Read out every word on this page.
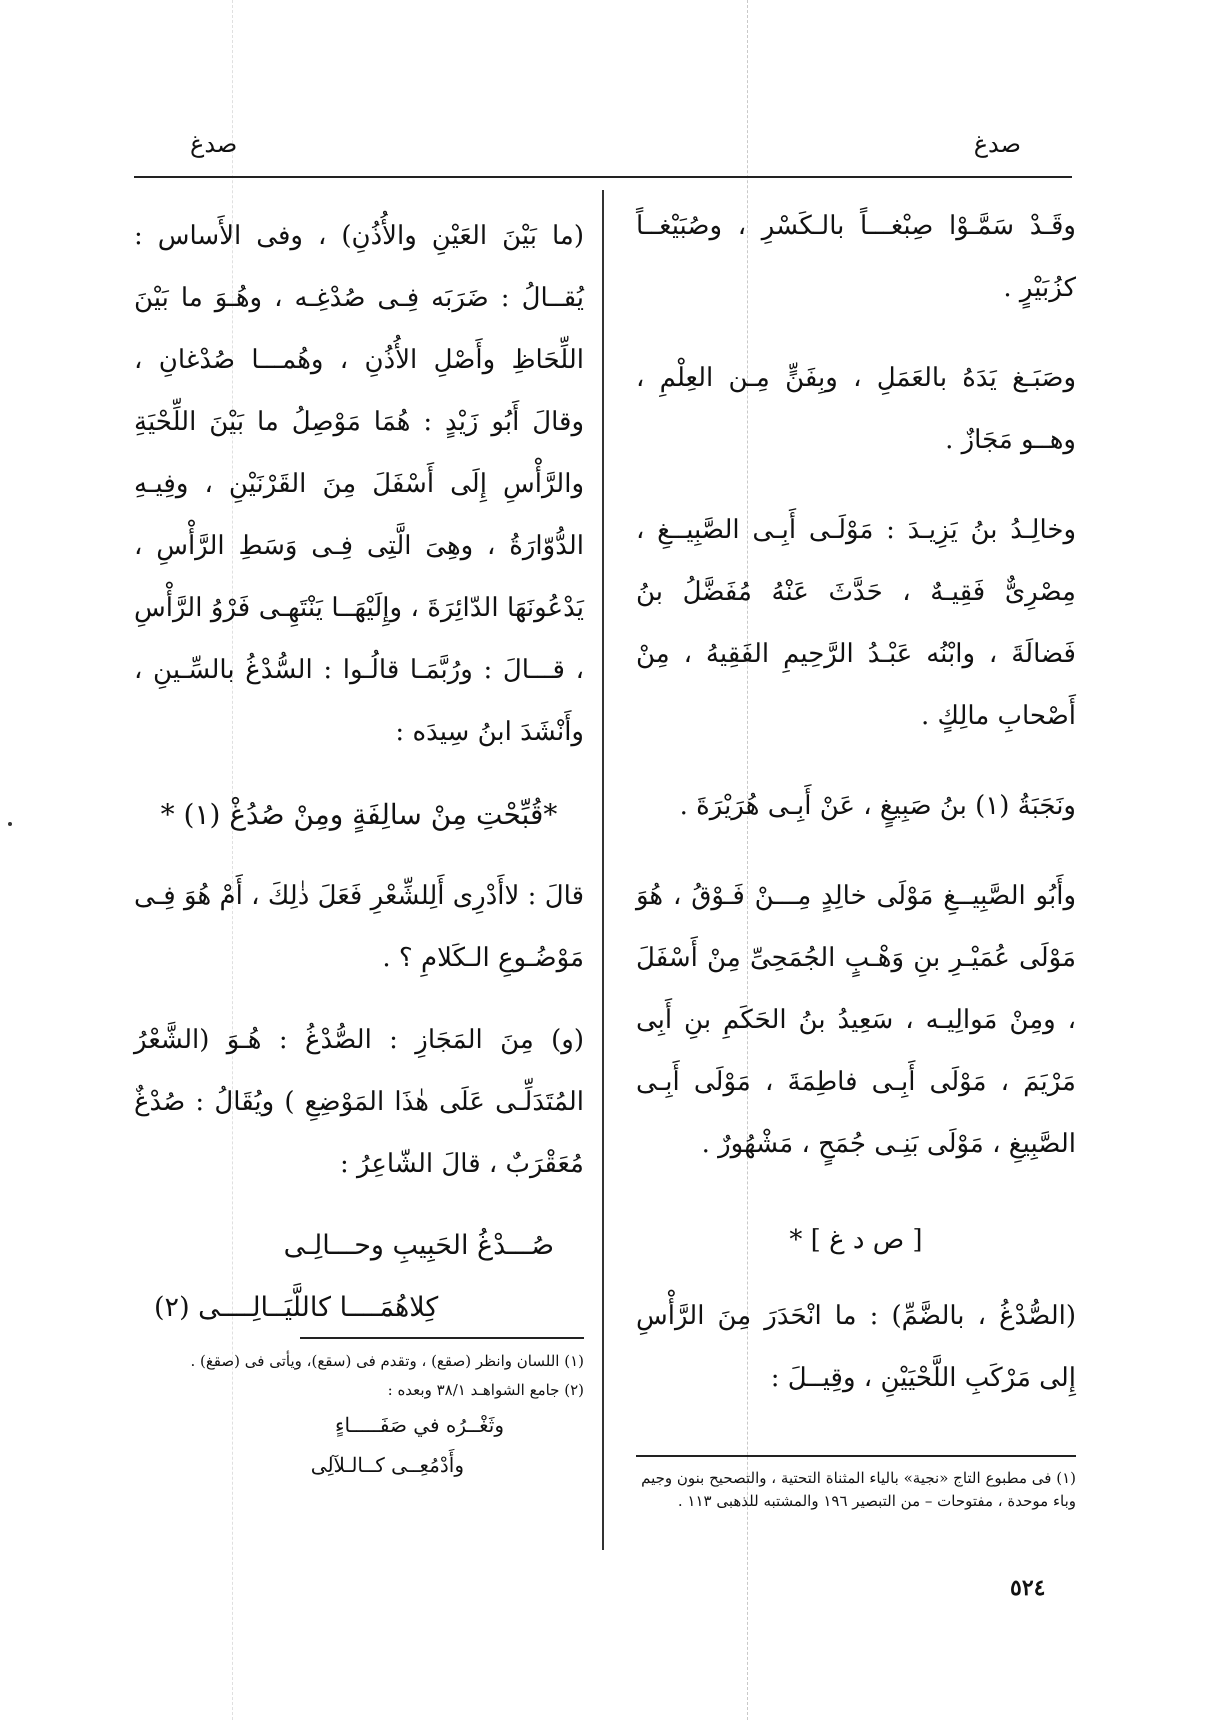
صدغ
صدغ

وقَـدْ سَمَّـوْا صِبْغـــاً بالـكَسْرِ ، وصُبَيْغــاً كزُبَيْرٍ .

وصَبَـغ يَدَهُ بالعَمَلِ ، وبِفَنٍّ مِـن العِلْمِ ، وهــو مَجَازٌ .

وخالِـدُ بنُ يَزِيـدَ : مَوْلَـى أَبِـى الصَّبِيــغِ ، مِصْرِىٌّ فَقِيـهٌ ، حَدَّثَ عَنْهُ مُفَضَّلُ بنُ فَضالَةَ ، وابْنُه عَبْـدُ الرَّحِيمِ الفَقِيهُ ، مِنْ أَصْحابِ مالِكٍ .

ونَجَبَةُ (١) بنُ صَبِيغٍ ، عَنْ أَبِـى هُرَيْرَةَ .

وأَبُو الصَّبِيــغِ مَوْلَى خالِدٍ مِـــنْ فَـوْقُ ، هُوَ مَوْلَى عُمَيْـرِ بنِ وَهْـبٍ الجُمَحِىِّ مِنْ أَسْفَلَ ، ومِنْ مَوالِيـه ، سَعِيدُ بنُ الحَكَمِ بنِ أَبِى مَرْيَمَ ، مَوْلَى أَبِـى فاطِمَةَ ، مَوْلَى أَبِـى الصَّبِيغِ ، مَوْلَى بَنِـى جُمَحٍ ، مَشْهُورٌ .

[ ص د غ ] *

(الصُّدْغُ ، بالضَّمِّ) : ما انْحَدَرَ مِنَ الرَّأْسِ إِلى مَرْكَبِ اللَّحْيَيْنِ ، وقِيــلَ :

(ما بَيْنَ العَيْنِ والأُذُنِ) ، وفى الأَساس : يُقــالُ : ضَرَبَه فِـى صُدْغِـه ، وهُـوَ ما بَيْنَ اللِّحَاظِ وأَصْلِ الأُذُنِ ، وهُمـــا صُدْغانِ ، وقالَ أَبُو زَيْدٍ : هُمَا مَوْصِلُ ما بَيْنَ اللِّحْيَةِ والرَّأْسِ إِلَى أَسْفَلَ مِنَ القَرْنَيْنِ ، وفِيـهِ الدُّوّارَةُ ، وهِىَ الَّتِى فِـى وَسَطِ الرَّأْسِ ، يَدْعُونَهَا الدّائِرَةَ ، وإِلَيْهَــا يَنْتَهِـى فَرْوُ الرَّأْسِ ، قـــالَ : ورُبَّمَـا قالُـوا : السُّدْغُ بالسِّـينِ ، وأَنْشَدَ ابنُ سِيدَه :

*قُبِّحْتِ مِنْ سالِفَةٍ ومِنْ صُدُغْ (١) *

قالَ : لاأَدْرِى أَلِلشِّعْرِ فَعَلَ ذٰلِكَ ، أَمْ هُوَ فِـى مَوْضُـوعِ الـكَلامِ ؟ .

(و) مِنَ المَجَازِ : الصُّدْغُ : هُـوَ (الشَّعْرُ المُتَدَلِّـى عَلَى هٰذَا المَوْضِعِ ) ويُقَالُ : صُدْغٌ مُعَقْرَبٌ ، قالَ الشّاعِرُ :

صُـــدْغُ الحَبِيبِ وحـــالِـى

كِلاهُمَــــا كاللَّيَــالِــــى (٢)

(١) اللسان وانظر (صقع) ، وتقدم فى (سقع)، ويأتى فى (صقغ) .

(٢) جامع الشواهـد ٣٨/١ وبعده :

وثَغْــرُه في صَفَـــــاءٍ

وأَدْمُعِــى كــالـلآلِى

(١) فى مطبوع التاج «نجية» بالياء المثناة التحتية ، والتصحيح بنون وجيم وباء موحدة ، مفتوحات – من التبصير ١٩٦ والمشتبه للذهبى ١١٣ .

٥٢٤
